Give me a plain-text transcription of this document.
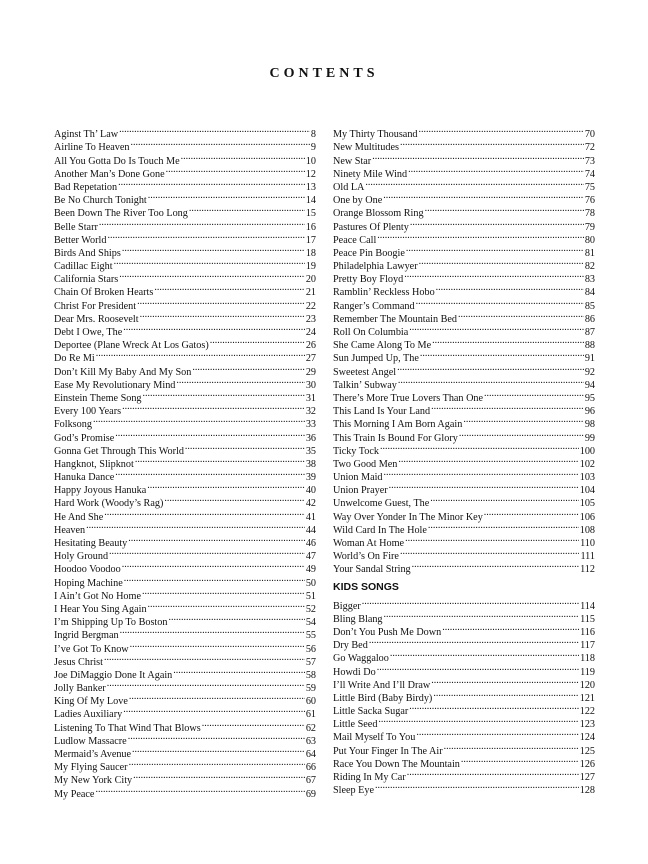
CONTENTS
Aginst Th’ Law .....	8
Airline To Heaven .....	9
All You Gotta Do Is Touch Me .....	10
Another Man’s Done Gone .....	12
Bad Repetation .....	13
Be No Church Tonight .....	14
Been Down The River Too Long .....	15
Belle Starr .....	16
Better World .....	17
Birds And Ships .....	18
Cadillac Eight .....	19
California Stars .....	20
Chain Of Broken Hearts .....	21
Christ For President .....	22
Dear Mrs. Roosevelt .....	23
Debt I Owe, The .....	24
Deportee (Plane Wreck At Los Gatos) .....	26
Do Re Mi .....	27
Don’t Kill My Baby And My Son .....	29
Ease My Revolutionary Mind .....	30
Einstein Theme Song .....	31
Every 100 Years .....	32
Folksong .....	33
God’s Promise .....	36
Gonna Get Through This World .....	35
Hangknot, Slipknot .....	38
Hanuka Dance .....	39
Happy Joyous Hanuka .....	40
Hard Work (Woody’s Rag) .....	42
He And She .....	41
Heaven .....	44
Hesitating Beauty .....	46
Holy Ground .....	47
Hoodoo Voodoo .....	49
Hoping Machine .....	50
I Ain’t Got No Home .....	51
I Hear You Sing Again .....	52
I’m Shipping Up To Boston .....	54
Ingrid Bergman .....	55
I’ve Got To Know .....	56
Jesus Christ .....	57
Joe DiMaggio Done It Again .....	58
Jolly Banker .....	59
King Of My Love .....	60
Ladies Auxiliary .....	61
Listening To That Wind That Blows .....	62
Ludlow Massacre .....	63
Mermaid’s Avenue .....	64
My Flying Saucer .....	66
My New York City .....	67
My Peace .....	69
My Thirty Thousand .....	70
New Multitudes .....	72
New Star .....	73
Ninety Mile Wind .....	74
Old LA .....	75
One by One .....	76
Orange Blossom Ring .....	78
Pastures Of Plenty .....	79
Peace Call .....	80
Peace Pin Boogie .....	81
Philadelphia Lawyer .....	82
Pretty Boy Floyd .....	83
Ramblin’ Reckless Hobo .....	84
Ranger’s Command .....	85
Remember The Mountain Bed .....	86
Roll On Columbia .....	87
She Came Along To Me .....	88
Sun Jumped Up, The .....	91
Sweetest Angel .....	92
Talkin’ Subway .....	94
There’s More True Lovers Than One .....	95
This Land Is Your Land .....	96
This Morning I Am Born Again .....	98
This Train Is Bound For Glory .....	99
Ticky Tock .....	100
Two Good Men .....	102
Union Maid .....	103
Union Prayer .....	104
Unwelcome Guest, The .....	105
Way Over Yonder In The Minor Key .....	106
Wild Card In The Hole .....	108
Woman At Home .....	110
World’s On Fire .....	111
Your Sandal String .....	112
KIDS SONGS
Bigger .....	114
Bling Blang .....	115
Don’t You Push Me Down .....	116
Dry Bed .....	117
Go Waggaloo .....	118
Howdi Do .....	119
I’ll Write And I’ll Draw .....	120
Little Bird (Baby Birdy) .....	121
Little Sacka Sugar .....	122
Little Seed .....	123
Mail Myself To You .....	124
Put Your Finger In The Air .....	125
Race You Down The Mountain .....	126
Riding In My Car .....	127
Sleep Eye .....	128
